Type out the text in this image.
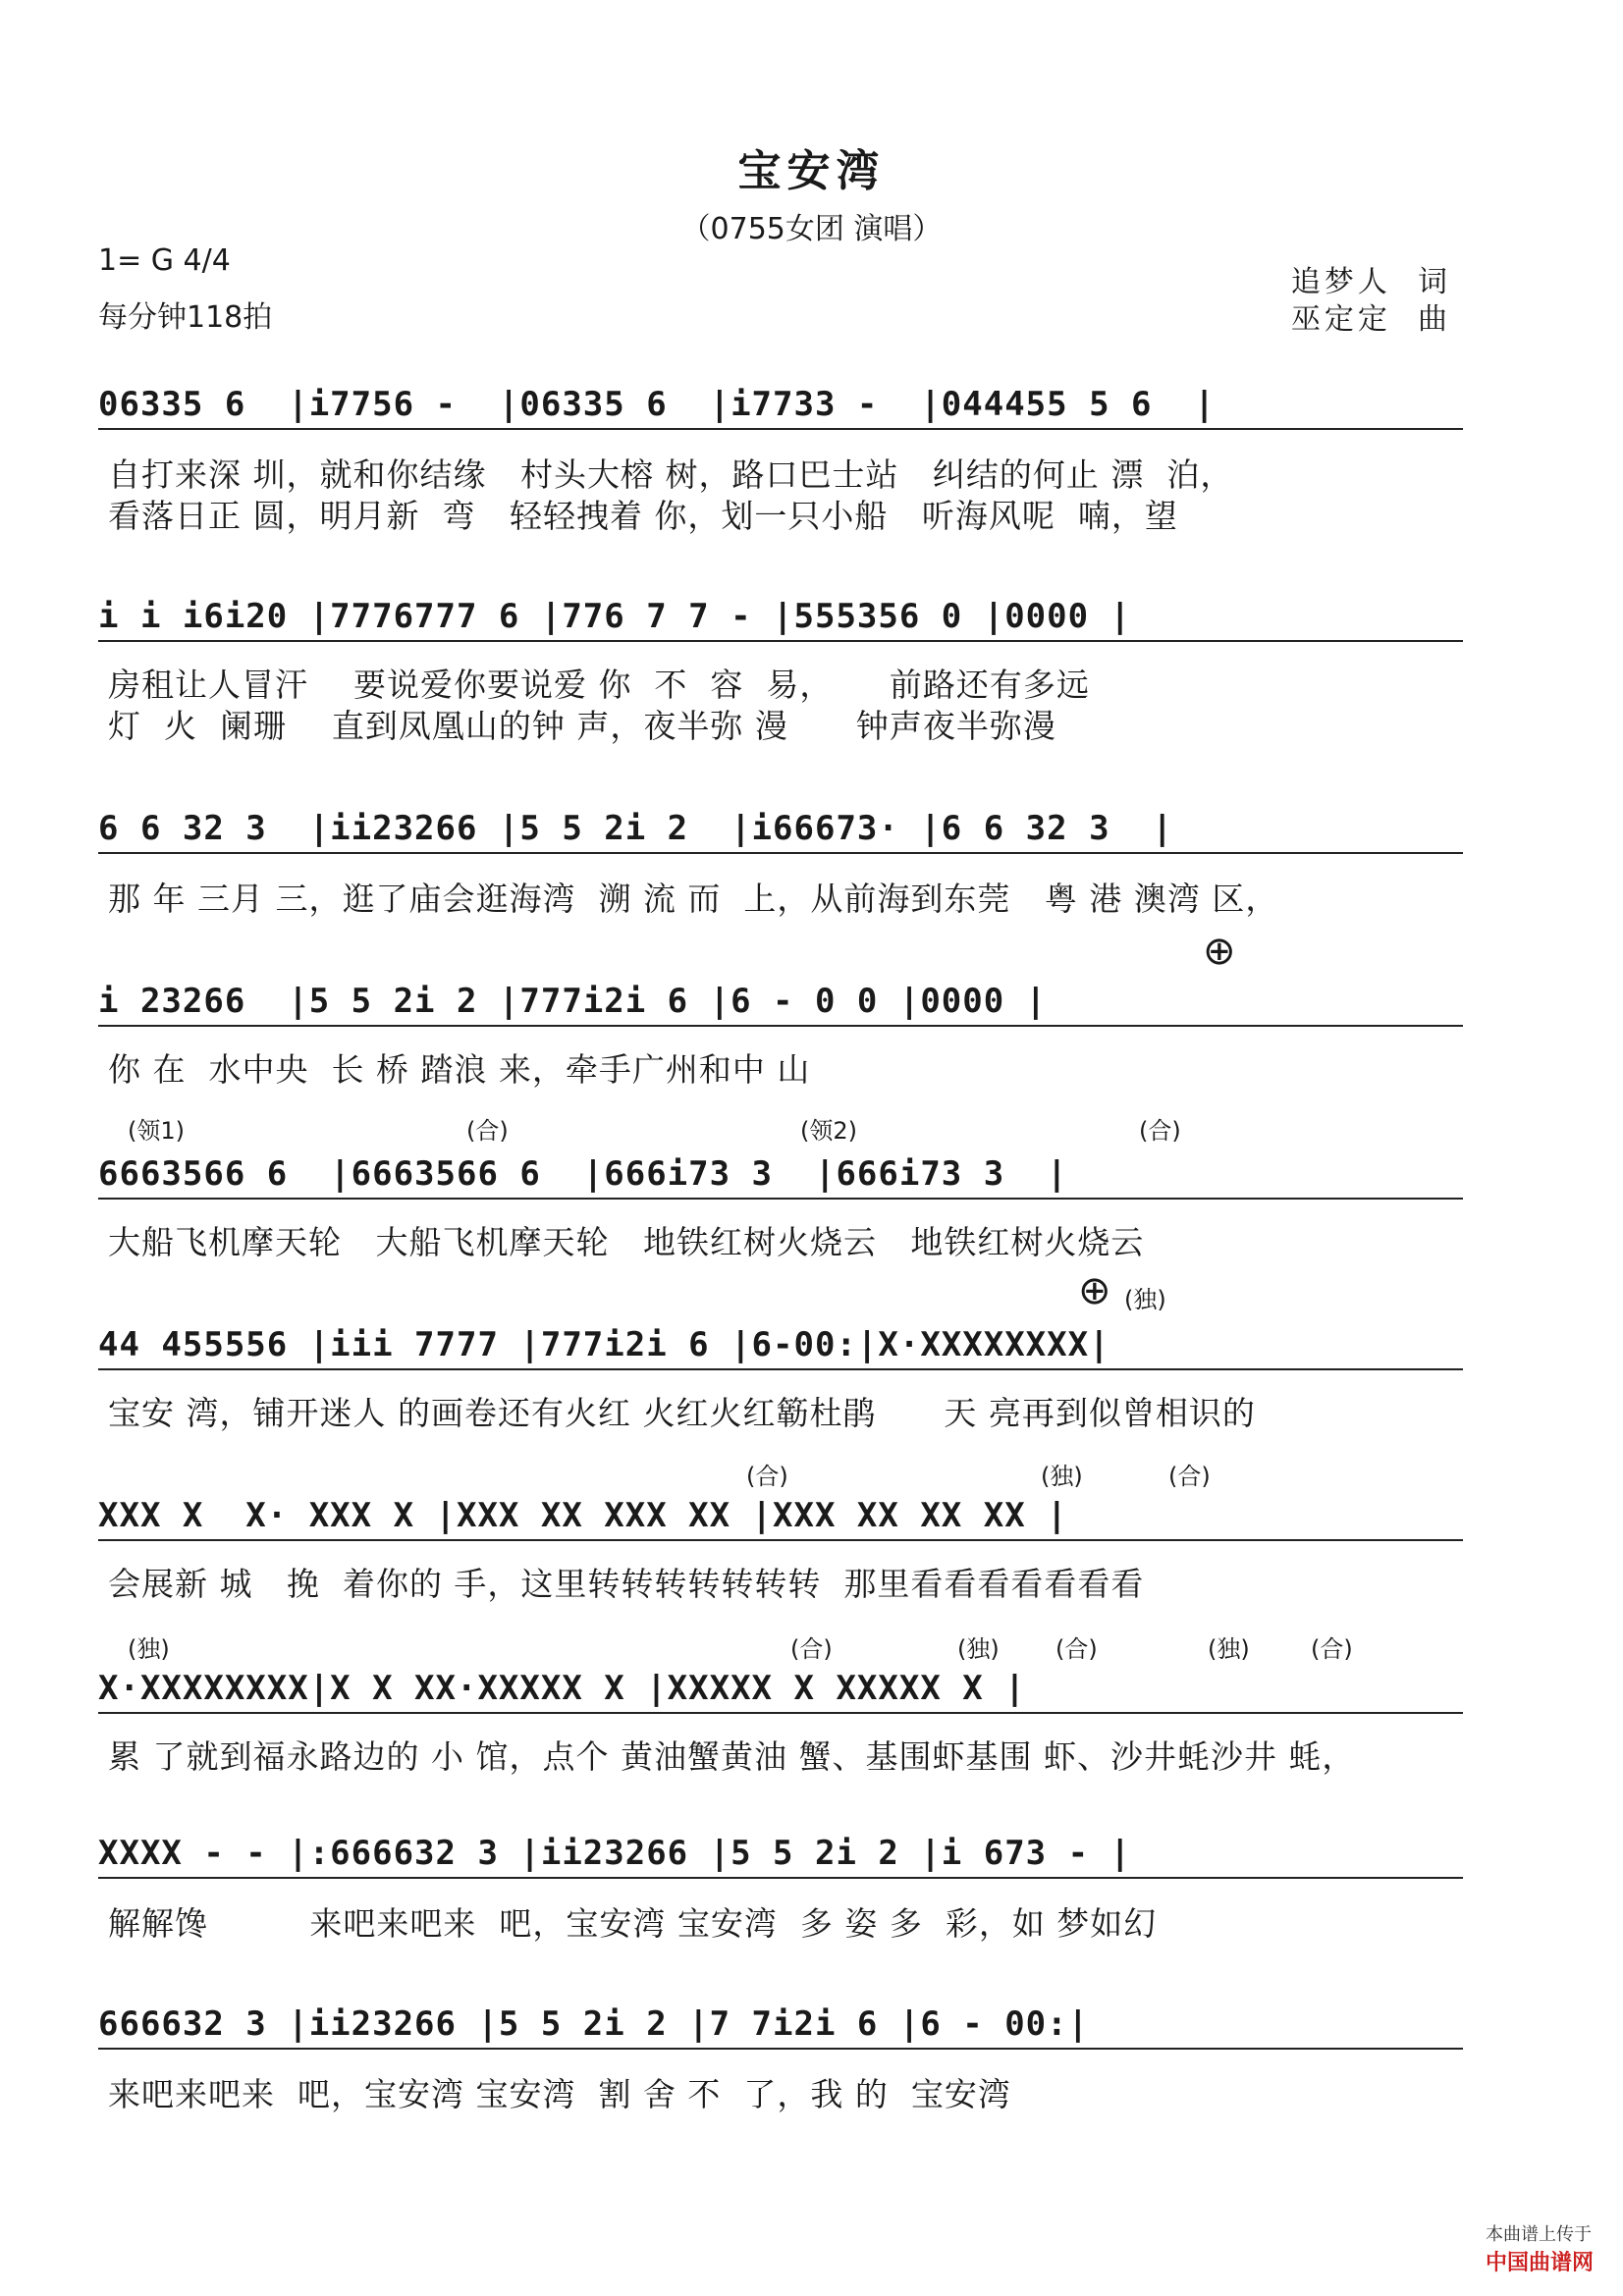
宝安湾
（0755女团 演唱）
1= G 4/4
每分钟118拍
追梦人  词
巫定定  曲
06335 6  |i7756 -  |06335 6  |i7733 -  |044455 5 6  |
自打来深 圳，就和你结缘   村头大榕 树，路口巴士站   纠结的何止 漂  泊，
看落日正 圆，明月新  弯   轻轻拽着 你，划一只小船   听海风呢  喃，望
i i i6i20 |7776777 6 |776 7 7 - |555356 0 |0000 |
房租让人冒汗    要说爱你要说爱 你  不  容  易，     前路还有多远
灯  火  阑珊    直到凤凰山的钟 声，夜半弥 漫      钟声夜半弥漫
6 6 32 3  |ii23266 |5 5 2i 2  |i66673· |6 6 32 3  |
那 年 三月 三，逛了庙会逛海湾  溯 流 而  上，从前海到东莞   粤 港 澳湾 区，
⊕
i 23266  |5 5 2i 2 |777i2i 6 |6 - 0 0 |0000 |
你 在  水中央  长 桥 踏浪 来，牵手广州和中 山
(领1)	(合)	(领2)	(合)
6663566 6  |6663566 6  |666i73 3  |666i73 3  |
大船飞机摩天轮   大船飞机摩天轮   地铁红树火烧云   地铁红树火烧云
⊕ (独)
44 455556 |iii 7777 |777i2i 6 |6-00:|X·XXXXXXXX|
宝安 湾，铺开迷人 的画卷还有火红 火红火红簕杜鹃      天 亮再到似曾相识的
(合)	(独)	(合)
XXX X  X· XXX X |XXX XX XXX XX |XXX XX XX XX |
会展新 城   挽  着你的 手，这里转转转转转转转  那里看看看看看看看
(独)	(合)	(独) (合)	(独)	(合)
X·XXXXXXXX|X X XX·XXXXX X |XXXXX X XXXXX X |
累 了就到福永路边的 小 馆，点个 黄油蟹黄油 蟹、基围虾基围 虾、沙井蚝沙井 蚝，
XXXX - - |:666632 3 |ii23266 |5 5 2i 2 |i 673 - |
解解馋         来吧来吧来  吧，宝安湾 宝安湾  多 姿 多  彩，如 梦如幻
666632 3 |ii23266 |5 5 2i 2 |7 7i2i 6 |6 - 00:|
来吧来吧来  吧，宝安湾 宝安湾  割 舍 不  了，我 的  宝安湾

本曲谱上传于
中国曲谱网
